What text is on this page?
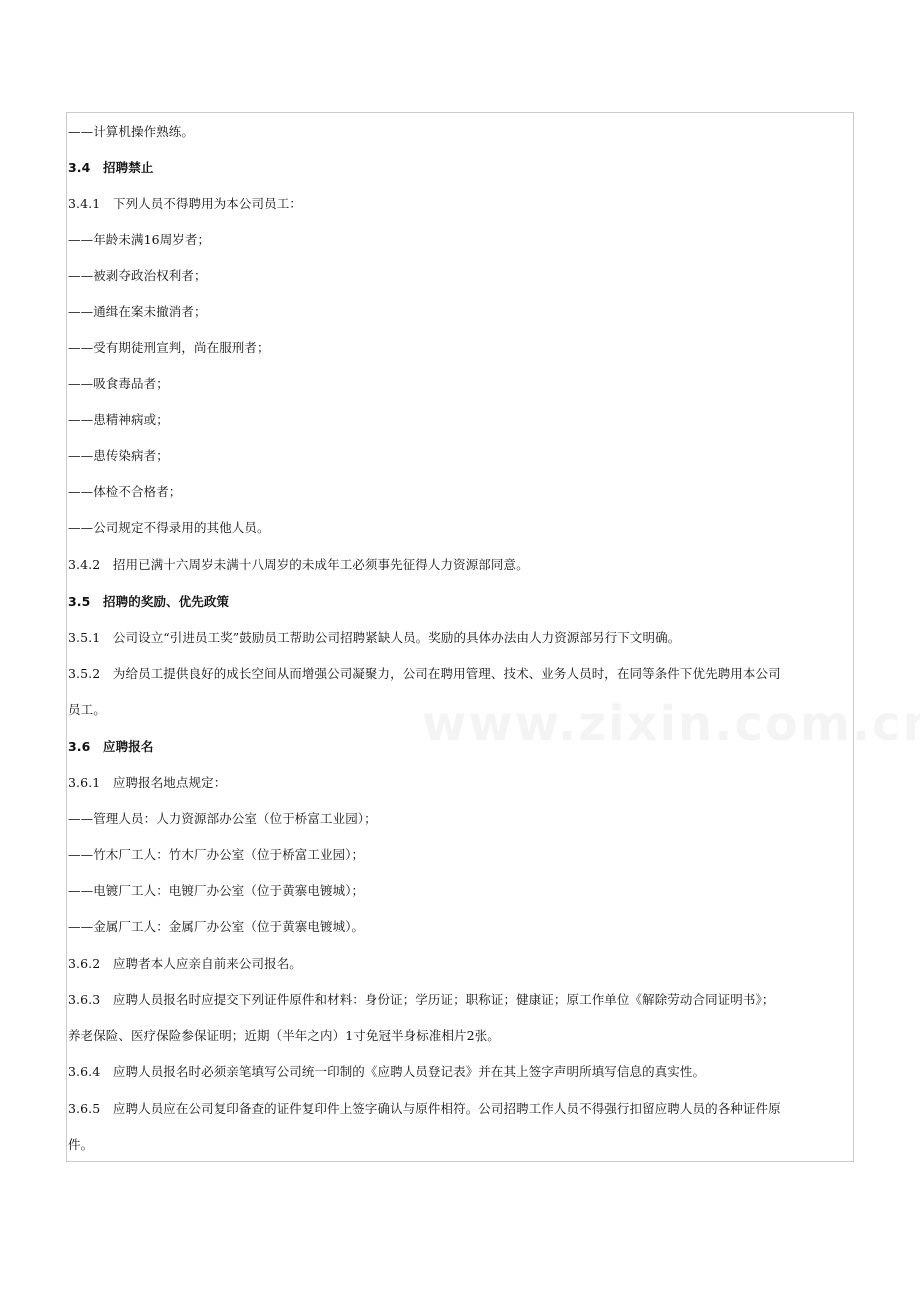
——计算机操作熟练。
3.4　招聘禁止
3.4.1　下列人员不得聘用为本公司员工：
——年龄未满16周岁者；
——被剥夺政治权利者；
——通缉在案未撤消者；
——受有期徒刑宣判，尚在服刑者；
——吸食毒品者；
——患精神病或；
——患传染病者；
——体检不合格者；
——公司规定不得录用的其他人员。
3.4.2　招用已满十六周岁未满十八周岁的未成年工必须事先征得人力资源部同意。
3.5　招聘的奖励、优先政策
3.5.1　公司设立“引进员工奖”鼓励员工帮助公司招聘紧缺人员。奖励的具体办法由人力资源部另行下文明确。
3.5.2　为给员工提供良好的成长空间从而增强公司凝聚力，公司在聘用管理、技术、业务人员时，在同等条件下优先聘用本公司
员工。
3.6　应聘报名
3.6.1　应聘报名地点规定：
——管理人员：人力资源部办公室（位于桥富工业园）；
——竹木厂工人：竹木厂办公室（位于桥富工业园）；
——电镀厂工人：电镀厂办公室（位于黄寨电镀城）；
——金属厂工人：金属厂办公室（位于黄寨电镀城）。
3.6.2　应聘者本人应亲自前来公司报名。
3.6.3　应聘人员报名时应提交下列证件原件和材料：身份证；学历证；职称证；健康证；原工作单位《解除劳动合同证明书》；
养老保险、医疗保险参保证明；近期（半年之内）1寸免冠半身标准相片2张。
3.6.4　应聘人员报名时必须亲笔填写公司统一印制的《应聘人员登记表》并在其上签字声明所填写信息的真实性。
3.6.5　应聘人员应在公司复印备查的证件复印件上签字确认与原件相符。公司招聘工作人员不得强行扣留应聘人员的各种证件原
件。
